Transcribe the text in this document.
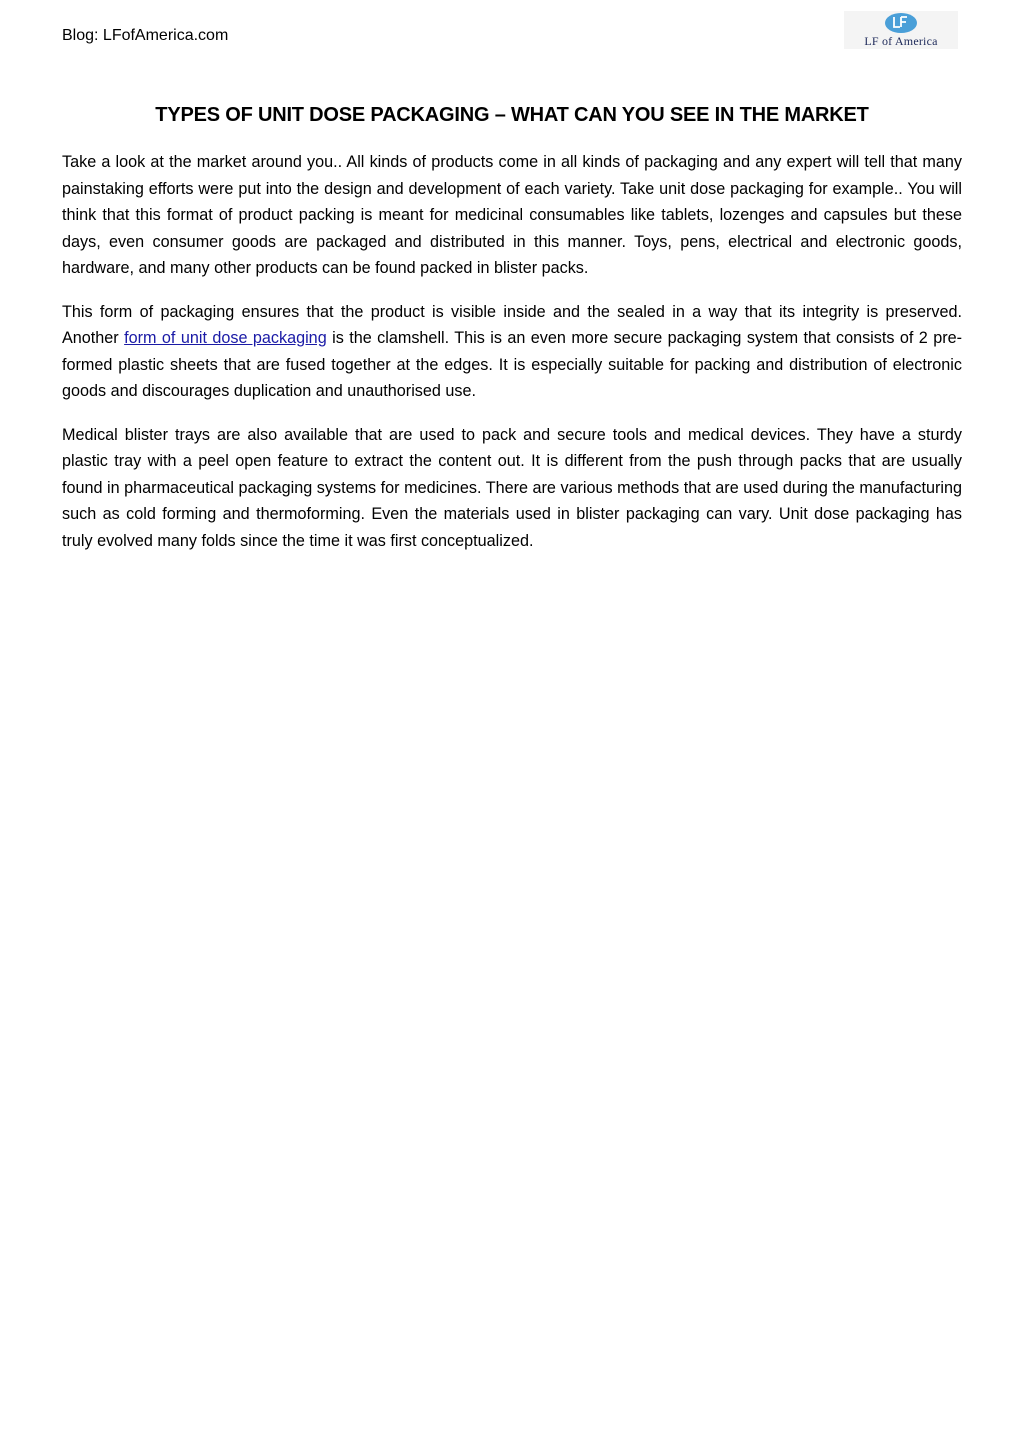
Blog: LFofAmerica.com	LF of America
TYPES OF UNIT DOSE PACKAGING – WHAT CAN YOU SEE IN THE MARKET

Take a look at the market around you.. All kinds of products come in all kinds of packaging and any expert will tell that many painstaking efforts were put into the design and development of each variety. Take unit dose packaging for example.. You will think that this format of product packing is meant for medicinal consumables like tablets, lozenges and capsules but these days, even consumer goods are packaged and distributed in this manner. Toys, pens, electrical and electronic goods, hardware, and many other products can be found packed in blister packs.

This form of packaging ensures that the product is visible inside and the sealed in a way that its integrity is preserved. Another form of unit dose packaging is the clamshell. This is an even more secure packaging system that consists of 2 pre-formed plastic sheets that are fused together at the edges. It is especially suitable for packing and distribution of electronic goods and discourages duplication and unauthorised use.

Medical blister trays are also available that are used to pack and secure tools and medical devices. They have a sturdy plastic tray with a peel open feature to extract the content out. It is different from the push through packs that are usually found in pharmaceutical packaging systems for medicines. There are various methods that are used during the manufacturing such as cold forming and thermoforming. Even the materials used in blister packaging can vary. Unit dose packaging has truly evolved many folds since the time it was first conceptualized.
